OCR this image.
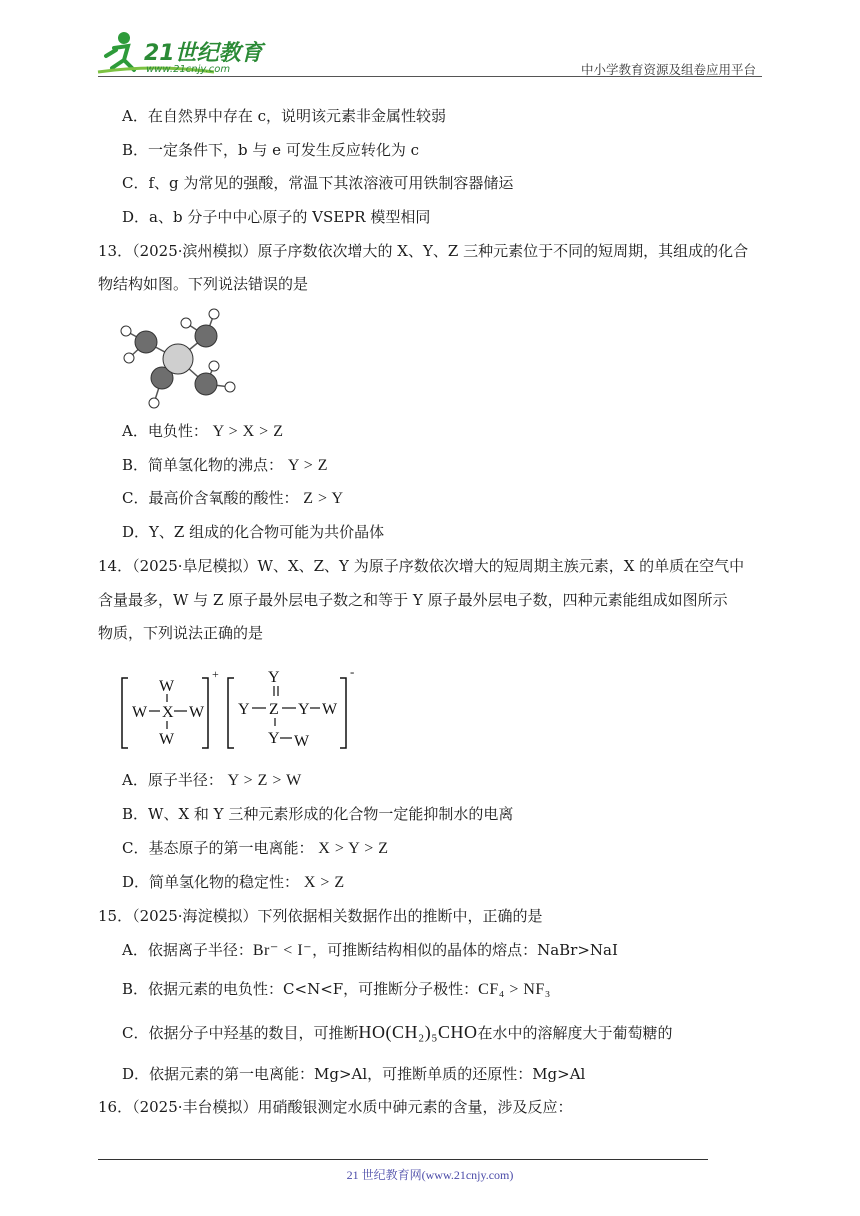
21世纪教育
www.21cnjy.com	中小学教育资源及组卷应用平台
A．在自然界中存在 c，说明该元素非金属性较弱
B．一定条件下，b 与 e 可发生反应转化为 c
C．f、g 为常见的强酸，常温下其浓溶液可用铁制容器储运
D．a、b 分子中中心原子的 VSEPR 模型相同
13．（2025·滨州模拟）原子序数依次增大的 X、Y、Z 三种元素位于不同的短周期，其组成的化合
物结构如图。下列说法错误的是
A．电负性： Y > X > Z
B．简单氢化物的沸点： Y > Z
C．最高价含氧酸的酸性： Z > Y
D．Y、Z 组成的化合物可能为共价晶体
14．（2025·阜尼模拟）W、X、Z、Y 为原子序数依次增大的短周期主族元素，X 的单质在空气中
含量最多，W 与 Z 原子最外层电子数之和等于 Y 原子最外层电子数，四种元素能组成如图所示
物质，下列说法正确的是
W
W X W
W
+	Y
Y Z Y W
Y W
-
A．原子半径： Y > Z > W
B．W、X 和 Y 三种元素形成的化合物一定能抑制水的电离
C．基态原子的第一电离能： X > Y > Z
D．简单氢化物的稳定性： X > Z
15．（2025·海淀模拟）下列依据相关数据作出的推断中，正确的是
A．依据离子半径：Br⁻ < I⁻，可推断结构相似的晶体的熔点：NaBr>NaI
B．依据元素的电负性：C<N<F，可推断分子极性：CF₄ > NF₃
C．依据分子中羟基的数目，可推断HO(CH₂)₅CHO在水中的溶解度大于葡萄糖的
D．依据元素的第一电离能：Mg>Al，可推断单质的还原性：Mg>Al
16．（2025·丰台模拟）用硝酸银测定水质中砷元素的含量，涉及反应：
21 世纪教育网(www.21cnjy.com)
